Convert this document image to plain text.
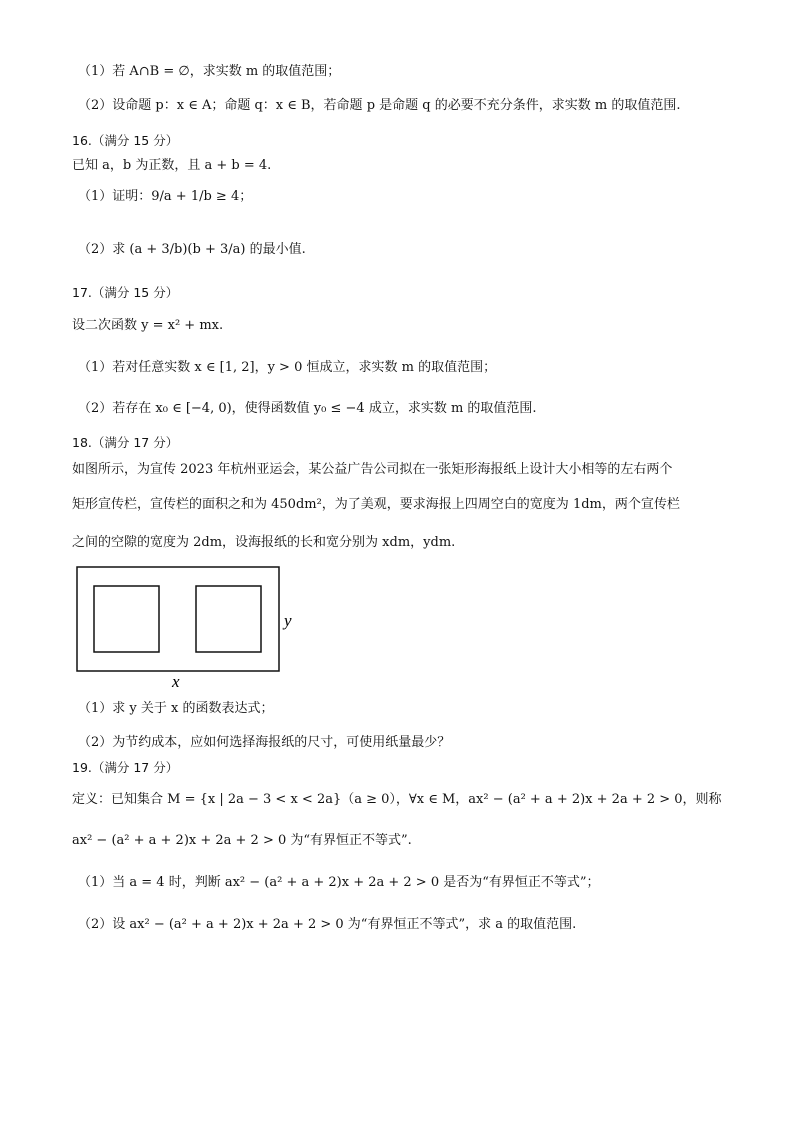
（1）若 A∩B = ∅，求实数 m 的取值范围；
（2）设命题 p：x ∈ A；命题 q：x ∈ B，若命题 p 是命题 q 的必要不充分条件，求实数 m 的取值范围.
16.（满分 15 分）
已知 a，b 为正数，且 a + b = 4.
（1）证明：9/a + 1/b ≥ 4；
（2）求 (a + 3/b)(b + 3/a) 的最小值.
17.（满分 15 分）
设二次函数 y = x² + mx.
（1）若对任意实数 x ∈ [1, 2]，y > 0 恒成立，求实数 m 的取值范围；
（2）若存在 x₀ ∈ [−4, 0)，使得函数值 y₀ ≤ −4 成立，求实数 m 的取值范围.
18.（满分 17 分）
如图所示，为宣传 2023 年杭州亚运会，某公益广告公司拟在一张矩形海报纸上设计大小相等的左右两个
矩形宣传栏，宣传栏的面积之和为 450dm²，为了美观，要求海报上四周空白的宽度为 1dm，两个宣传栏
之间的空隙的宽度为 2dm，设海报纸的长和宽分别为 xdm，ydm.
y
x
（1）求 y 关于 x 的函数表达式；
（2）为节约成本，应如何选择海报纸的尺寸，可使用纸量最少？
19.（满分 17 分）
定义：已知集合 M = {x | 2a − 3 < x < 2a}（a ≥ 0），∀x ∈ M，ax² − (a² + a + 2)x + 2a + 2 > 0，则称
ax² − (a² + a + 2)x + 2a + 2 > 0 为“有界恒正不等式”.
（1）当 a = 4 时，判断 ax² − (a² + a + 2)x + 2a + 2 > 0 是否为“有界恒正不等式”；
（2）设 ax² − (a² + a + 2)x + 2a + 2 > 0 为“有界恒正不等式”，求 a 的取值范围.
